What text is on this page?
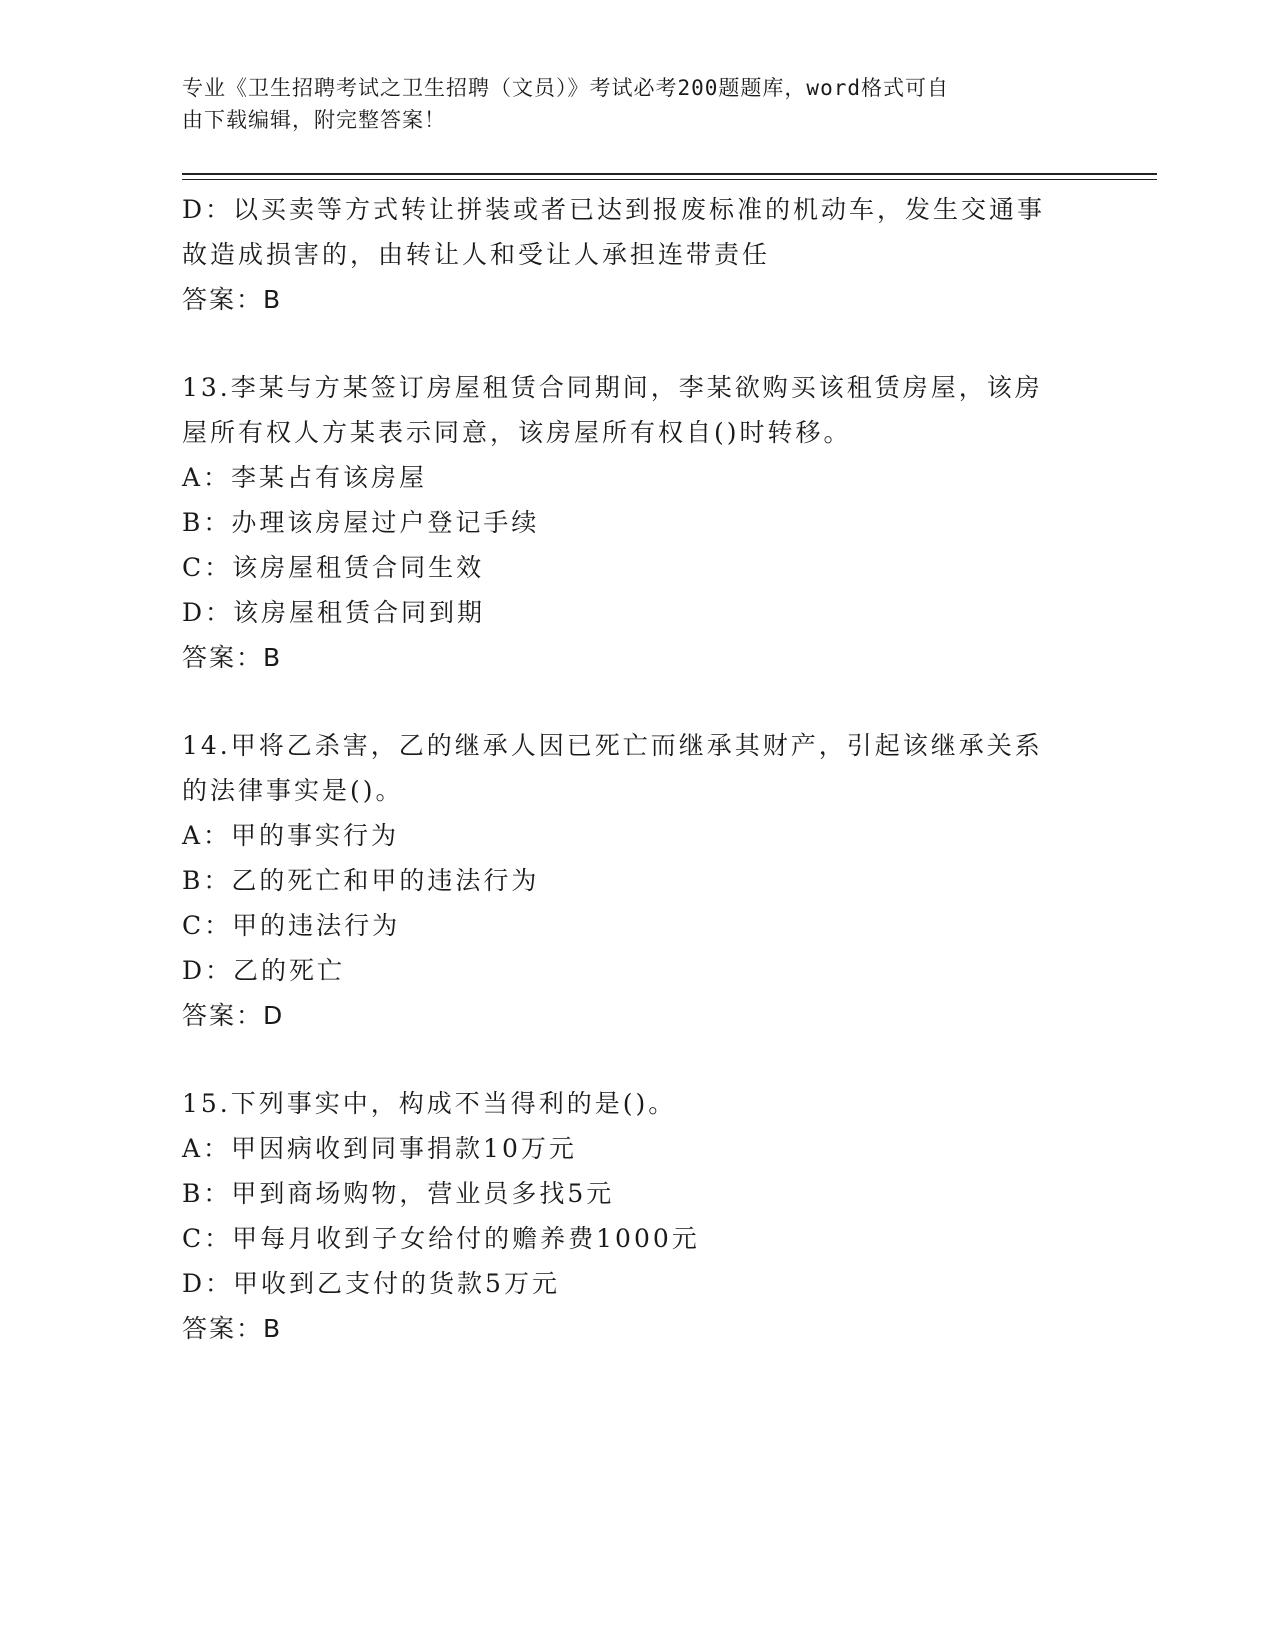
专业《卫生招聘考试之卫生招聘（文员）》考试必考200题题库，word格式可自
由下载编辑，附完整答案！
D：以买卖等方式转让拼装或者已达到报废标准的机动车，发生交通事
故造成损害的，由转让人和受让人承担连带责任
答案：B
13.李某与方某签订房屋租赁合同期间，李某欲购买该租赁房屋，该房
屋所有权人方某表示同意，该房屋所有权自()时转移。
A：李某占有该房屋
B：办理该房屋过户登记手续
C：该房屋租赁合同生效
D：该房屋租赁合同到期
答案：B
14.甲将乙杀害，乙的继承人因已死亡而继承其财产，引起该继承关系
的法律事实是()。
A：甲的事实行为
B：乙的死亡和甲的违法行为
C：甲的违法行为
D：乙的死亡
答案：D
15.下列事实中，构成不当得利的是()。
A：甲因病收到同事捐款10万元
B：甲到商场购物，营业员多找5元
C：甲每月收到子女给付的赡养费1000元
D：甲收到乙支付的货款5万元
答案：B
